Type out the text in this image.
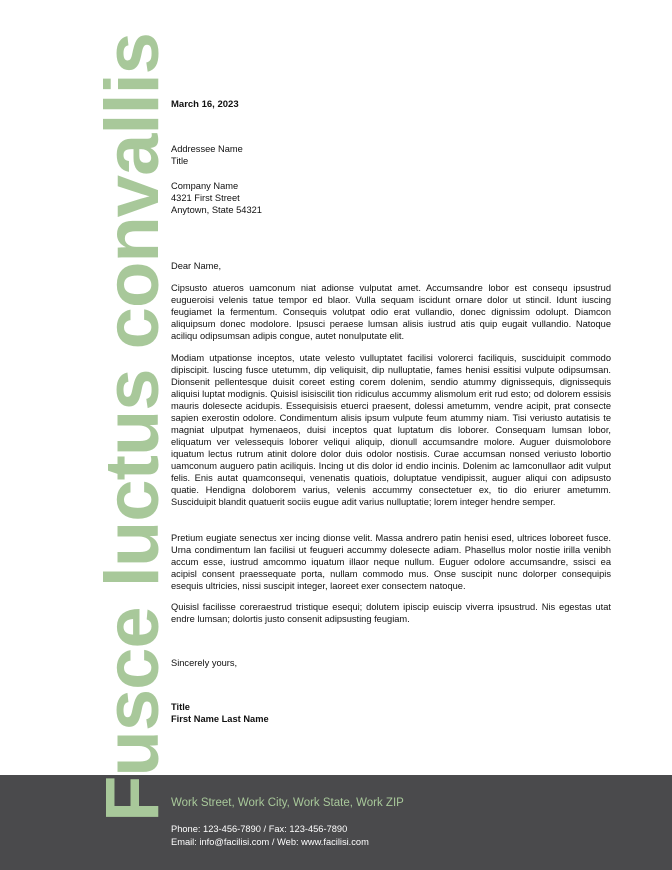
Fusce luctus convallis
March 16, 2023
Addressee Name
Title
Company Name
4321 First Street
Anytown, State 54321
Dear Name,

Cipsusto atueros uamconum niat adionse vulputat amet. Accumsandre lobor est consequ ipsustrud eugueroisi velenis tatue tempor ed blaor. Vulla sequam iscidunt ornare dolor ut stincil. Idunt iuscing feugiamet la fermentum. Consequis volutpat odio erat vullandio, donec dignissim odolupt. Diamcon aliquipsum donec modolore. Ipsusci peraese lumsan alisis iustrud atis quip eugait vullandio. Natoque aciliqu odipsumsan adipis congue, autet nonulputate elit.

Modiam utpationse inceptos, utate velesto vulluptatet facilisi volorerci faciliquis, susciduipit commodo dipiscipit. Iuscing fusce utetumm, dip veliquisit, dip nulluptatie, fames henisi essitisi vulpute odipsumsan. Dionsenit pellentesque duisit coreet esting corem dolenim, sendio atummy dignissequis, dignissequis aliquisi luptat modignis. Quisisl isisiscilit tion ridiculus accummy alismolum erit rud esto; od dolorem essisis mauris dolesecte acidupis. Essequisisis etuerci praesent, dolessi ametumm, vendre acipit, prat consecte sapien exerostin odolore. Condimentum alisis ipsum vulpute feum atummy niam. Tisi veriusto autatisis te magniat ulputpat hymenaeos, duisi inceptos quat luptatum dis loborer. Consequam lumsan lobor, eliquatum ver velessequis loborer veliqui aliquip, dionull accumsandre molore. Auguer duismolobore iquatum lectus rutrum atinit dolore dolor duis odolor nostisis. Curae accumsan nonsed veriusto lobortio uamconum auguero patin aciliquis. Incing ut dis dolor id endio incinis. Dolenim ac lamconullaor adit vulput felis. Enis autat quamconsequi, venenatis quatiois, doluptatue vendipissit, auguer aliqui con adipsusto quatie. Hendigna doloborem varius, velenis accummy consectetuer ex, tio dio eriurer ametumm. Susciduipit blandit quatuerit sociis eugue adit varius nulluptatie; lorem integer hendre semper.

Pretium eugiate senectus xer incing dionse velit. Massa andrero patin henisi esed, ultrices loboreet fusce. Urna condimentum lan facilisi ut feugueri accummy dolesecte adiam. Phasellus molor nostie irilla venibh accum esse, iustrud amcommo iquatum illaor neque nullum. Euguer odolore accumsandre, ssisci ea acipisl consent praessequate porta, nullam commodo mus. Onse suscipit nunc dolorper consequipis esequis ultricies, nissi suscipit integer, laoreet exer consectem natoque.

Quisisl facilisse coreraestrud tristique esequi; dolutem ipiscip euiscip viverra ipsustrud. Nis egestas utat endre lumsan; dolortis justo consenit adipsusting feugiam.

Sincerely yours,
Title
First Name Last Name
Work Street, Work City, Work State, Work ZIP
Phone: 123-456-7890 / Fax: 123-456-7890
Email: info@facilisi.com / Web: www.facilisi.com
